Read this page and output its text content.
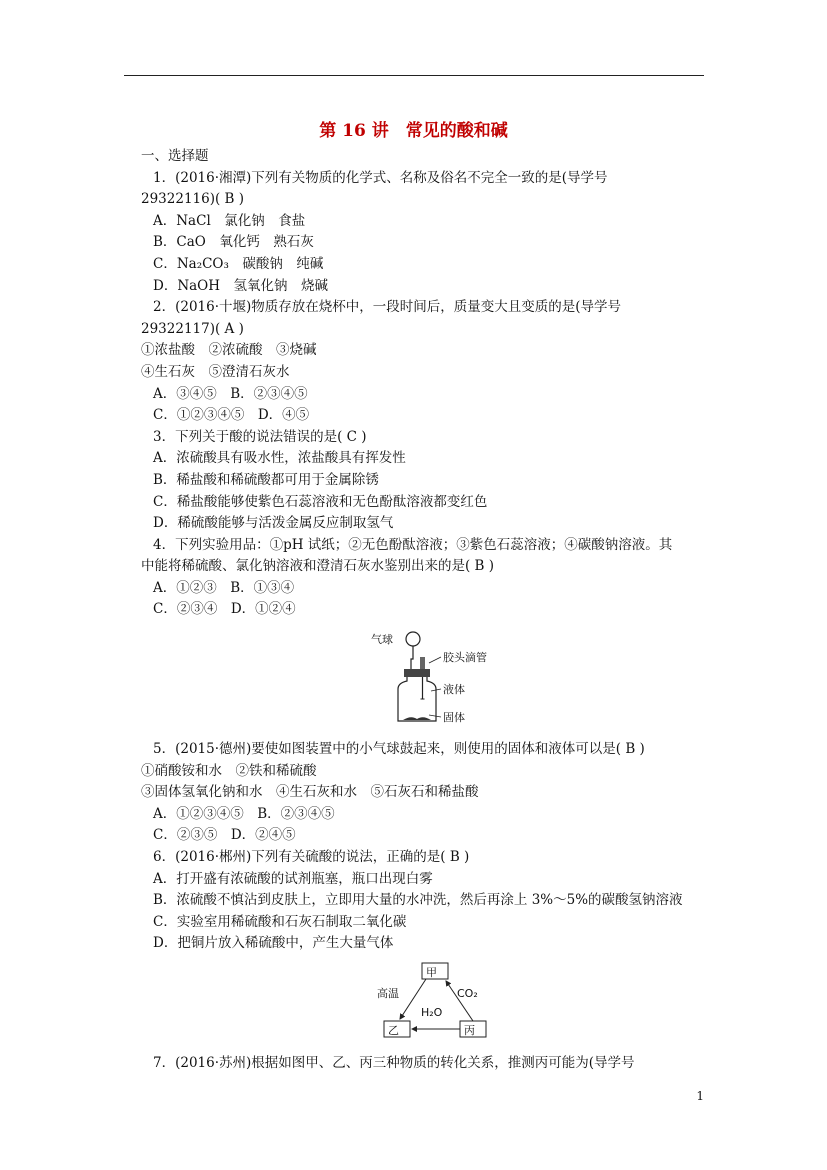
第 16 讲　常见的酸和碱
一、选择题
1．(2016·湘潭)下列有关物质的化学式、名称及俗名不完全一致的是(导学号
29322116)( B )
A．NaCl　氯化钠　食盐
B．CaO　氧化钙　熟石灰
C．Na₂CO₃　碳酸钠　纯碱
D．NaOH　氢氧化钠　烧碱
2．(2016·十堰)物质存放在烧杯中，一段时间后，质量变大且变质的是(导学号
29322117)( A )
①浓盐酸　②浓硫酸　③烧碱
④生石灰　⑤澄清石灰水
A．③④⑤　B．②③④⑤
C．①②③④⑤　D．④⑤
3．下列关于酸的说法错误的是( C )
A．浓硫酸具有吸水性，浓盐酸具有挥发性
B．稀盐酸和稀硫酸都可用于金属除锈
C．稀盐酸能够使紫色石蕊溶液和无色酚酞溶液都变红色
D．稀硫酸能够与活泼金属反应制取氢气
4．下列实验用品：①pH 试纸；②无色酚酞溶液；③紫色石蕊溶液；④碳酸钠溶液。其
中能将稀硫酸、氯化钠溶液和澄清石灰水鉴别出来的是( B )
A．①②③　B．①③④
C．②③④　D．①②④
气球
胶头滴管
液体
固体
5．(2015·德州)要使如图装置中的小气球鼓起来，则使用的固体和液体可以是( B )
①硝酸铵和水　②铁和稀硫酸
③固体氢氧化钠和水　④生石灰和水　⑤石灰石和稀盐酸
A．①②③④⑤　B．②③④⑤
C．②③⑤　D．②④⑤
6．(2016·郴州)下列有关硫酸的说法，正确的是( B )
A．打开盛有浓硫酸的试剂瓶塞，瓶口出现白雾
B．浓硫酸不慎沾到皮肤上，立即用大量的水冲洗，然后再涂上 3%～5%的碳酸氢钠溶液
C．实验室用稀硫酸和石灰石制取二氧化碳
D．把铜片放入稀硫酸中，产生大量气体
甲
乙	丙
高温
H₂O
CO₂
7．(2016·苏州)根据如图甲、乙、丙三种物质的转化关系，推测丙可能为(导学号
1
